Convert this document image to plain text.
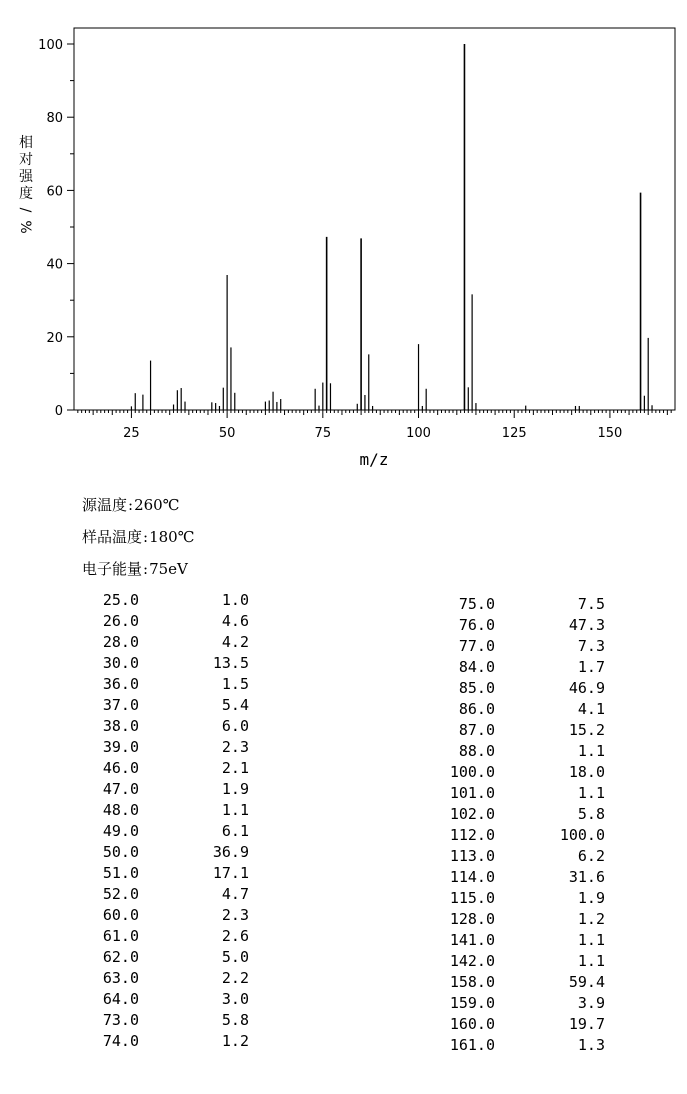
0
20
40
60
80
100
25	50	75	100	125	150
相
对
强
度
/
%
m/z
源温度:260℃
样品温度:180℃
电子能量:75eV
25.0	1.0
26.0	4.6
28.0	4.2
30.0	13.5
36.0	1.5
37.0	5.4
38.0	6.0
39.0	2.3
46.0	2.1
47.0	1.9
48.0	1.1
49.0	6.1
50.0	36.9
51.0	17.1
52.0	4.7
60.0	2.3
61.0	2.6
62.0	5.0
63.0	2.2
64.0	3.0
73.0	5.8
74.0	1.2
75.0	7.5
76.0	47.3
77.0	7.3
84.0	1.7
85.0	46.9
86.0	4.1
87.0	15.2
88.0	1.1
100.0	18.0
101.0	1.1
102.0	5.8
112.0	100.0
113.0	6.2
114.0	31.6
115.0	1.9
128.0	1.2
141.0	1.1
142.0	1.1
158.0	59.4
159.0	3.9
160.0	19.7
161.0	1.3
